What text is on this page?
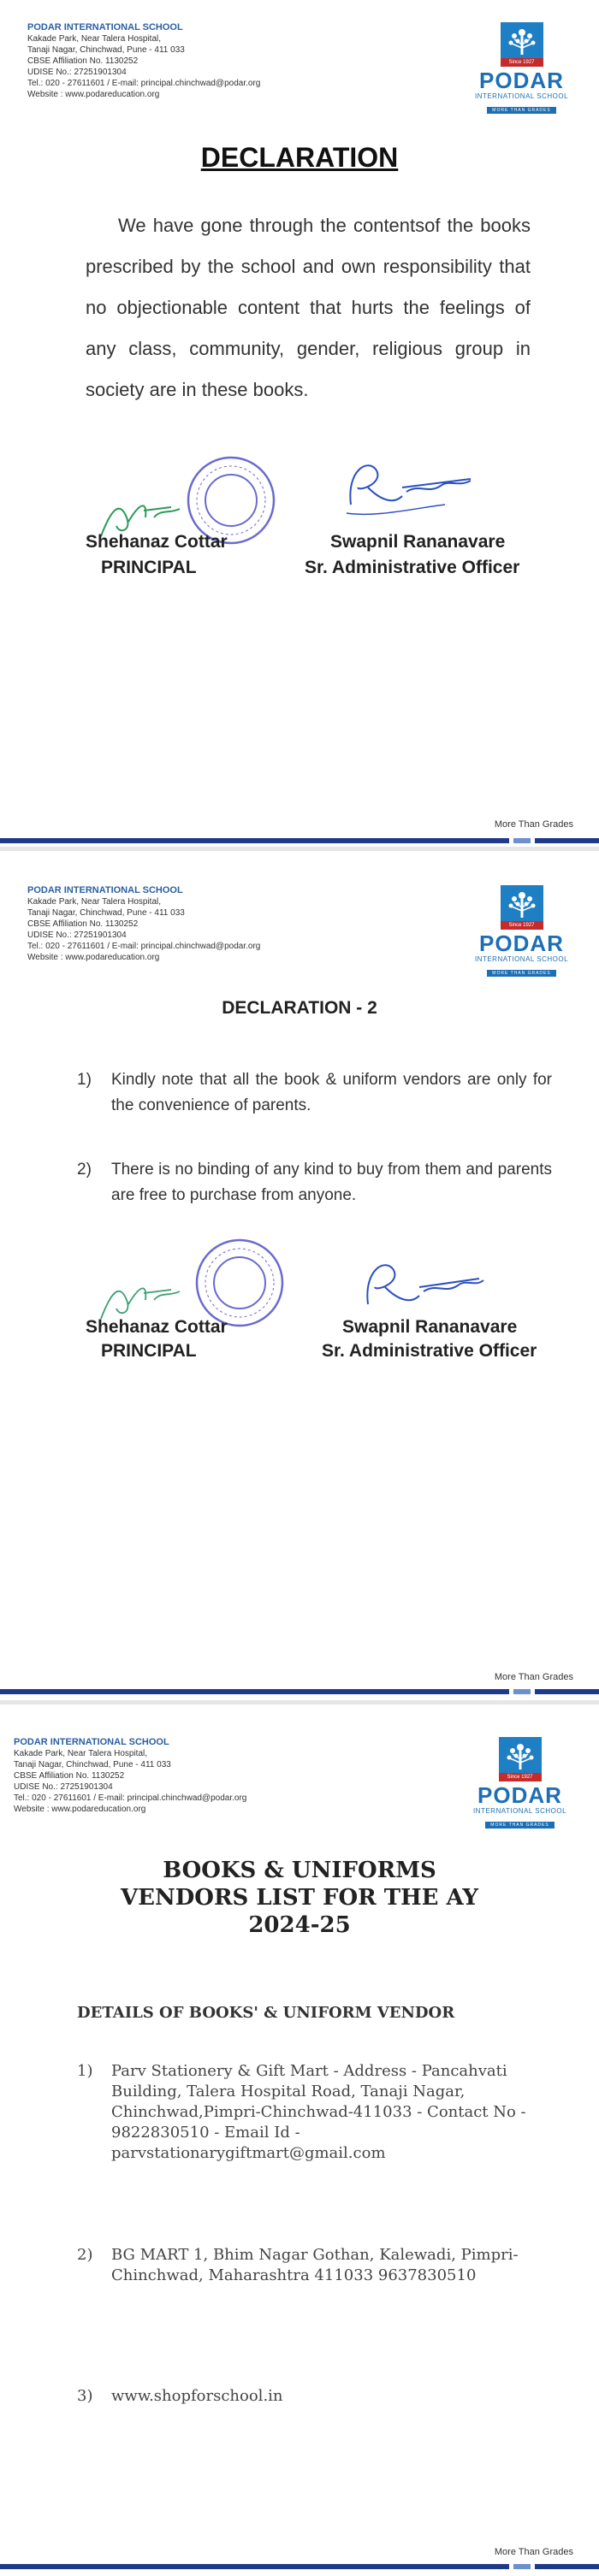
PODAR INTERNATIONAL SCHOOL
Kakade Park, Near Talera Hospital,
Tanaji Nagar, Chinchwad, Pune - 411 033
CBSE Affiliation No. 1130252
UDISE No.: 27251901304
Tel.: 020 - 27611601 / E-mail: principal.chinchwad@podar.org
Website : www.podareducation.org
Since 1927
PODAR
INTERNATIONAL SCHOOL
MORE THAN GRADES
DECLARATION
We have gone through the contentsof the books prescribed by the school and own responsibility that no objectionable content that hurts the feelings of any class, community, gender, religious group in society are in these books.
Shehanaz Cottar
PRINCIPAL
Swapnil Rananavare
Sr. Administrative Officer
More Than Grades
PODAR INTERNATIONAL SCHOOL
Kakade Park, Near Talera Hospital,
Tanaji Nagar, Chinchwad, Pune - 411 033
CBSE Affiliation No. 1130252
UDISE No.: 27251901304
Tel.: 020 - 27611601 / E-mail: principal.chinchwad@podar.org
Website : www.podareducation.org
Since 1927
PODAR
INTERNATIONAL SCHOOL
MORE THAN GRADES
DECLARATION - 2
1) Kindly note that all the book & uniform vendors are only for the convenience of parents.
2) There is no binding of any kind to buy from them and parents are free to purchase from anyone.
Shehanaz Cottar
PRINCIPAL
Swapnil Rananavare
Sr. Administrative Officer
More Than Grades
PODAR INTERNATIONAL SCHOOL
Kakade Park, Near Talera Hospital,
Tanaji Nagar, Chinchwad, Pune - 411 033
CBSE Affiliation No. 1130252
UDISE No.: 27251901304
Tel.: 020 - 27611601 / E-mail: principal.chinchwad@podar.org
Website : www.podareducation.org
Since 1927
PODAR
INTERNATIONAL SCHOOL
MORE THAN GRADES
BOOKS & UNIFORMS
VENDORS LIST FOR THE AY
2024-25
DETAILS OF BOOKS' & UNIFORM VENDOR
1) Parv Stationery & Gift Mart - Address - Pancahvati Building, Talera Hospital Road, Tanaji Nagar, Chinchwad,Pimpri-Chinchwad-411033 - Contact No - 9822830510 - Email Id -parvstationarygiftmart@gmail.com
2) BG MART 1, Bhim Nagar Gothan, Kalewadi, Pimpri-Chinchwad, Maharashtra 411033 9637830510
3) www.shopforschool.in
More Than Grades
